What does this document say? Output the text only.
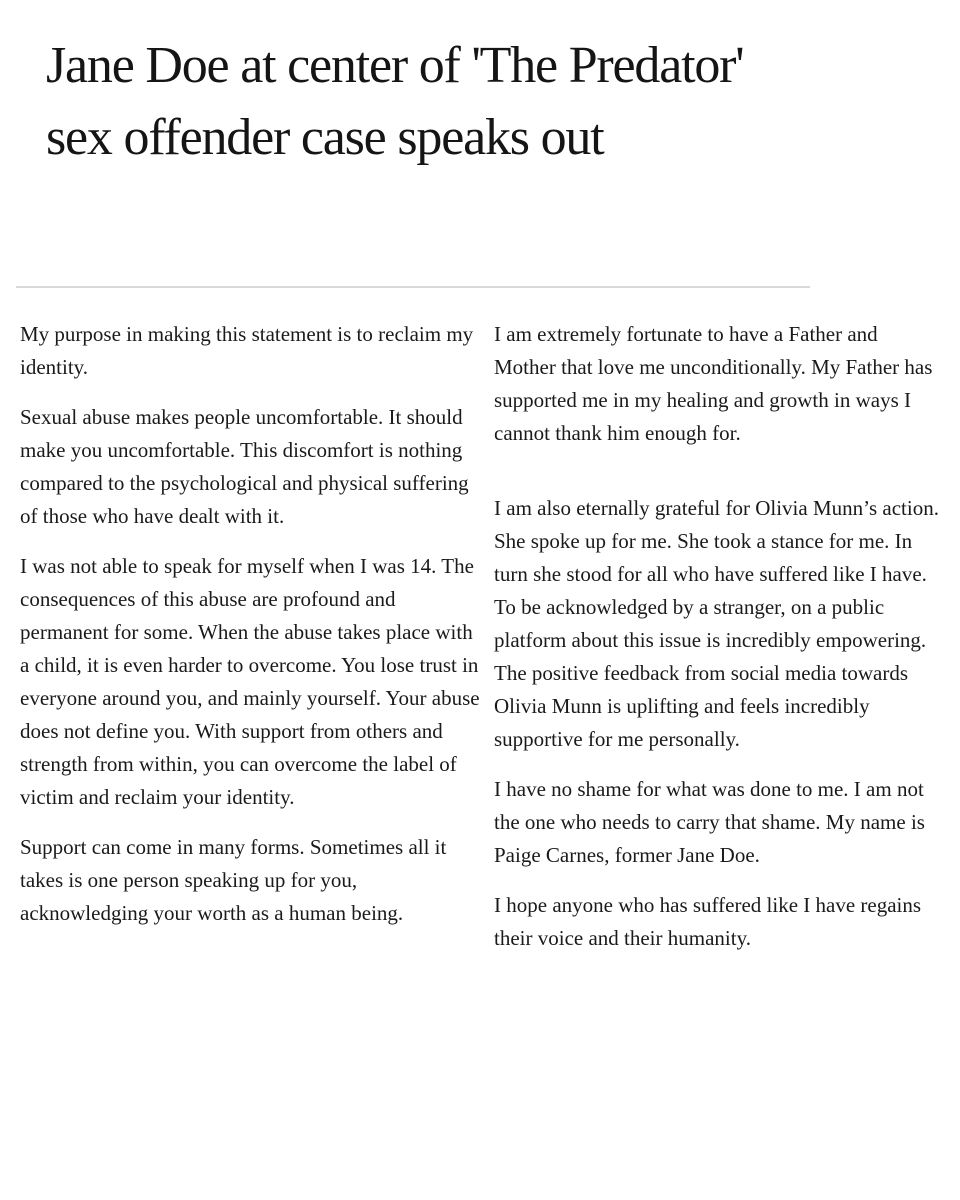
Jane Doe at center of 'The Predator' sex offender case speaks out

My purpose in making this statement is to reclaim my identity.

Sexual abuse makes people uncomfortable. It should make you uncomfortable. This discomfort is nothing compared to the psychological and physical suffering of those who have dealt with it.

I was not able to speak for myself when I was 14. The consequences of this abuse are profound and permanent for some. When the abuse takes place with a child, it is even harder to overcome. You lose trust in everyone around you, and mainly yourself. Your abuse does not define you. With support from others and strength from within, you can overcome the label of victim and reclaim your identity.

Support can come in many forms. Sometimes all it takes is one person speaking up for you, acknowledging your worth as a human being.

I am extremely fortunate to have a Father and Mother that love me unconditionally. My Father has supported me in my healing and growth in ways I cannot thank him enough for.

I am also eternally grateful for Olivia Munn’s action. She spoke up for me. She took a stance for me. In turn she stood for all who have suffered like I have. To be acknowledged by a stranger, on a public platform about this issue is incredibly empowering. The positive feedback from social media towards Olivia Munn is uplifting and feels incredibly supportive for me personally.

I have no shame for what was done to me. I am not the one who needs to carry that shame. My name is Paige Carnes, former Jane Doe.

I hope anyone who has suffered like I have regains their voice and their humanity.
